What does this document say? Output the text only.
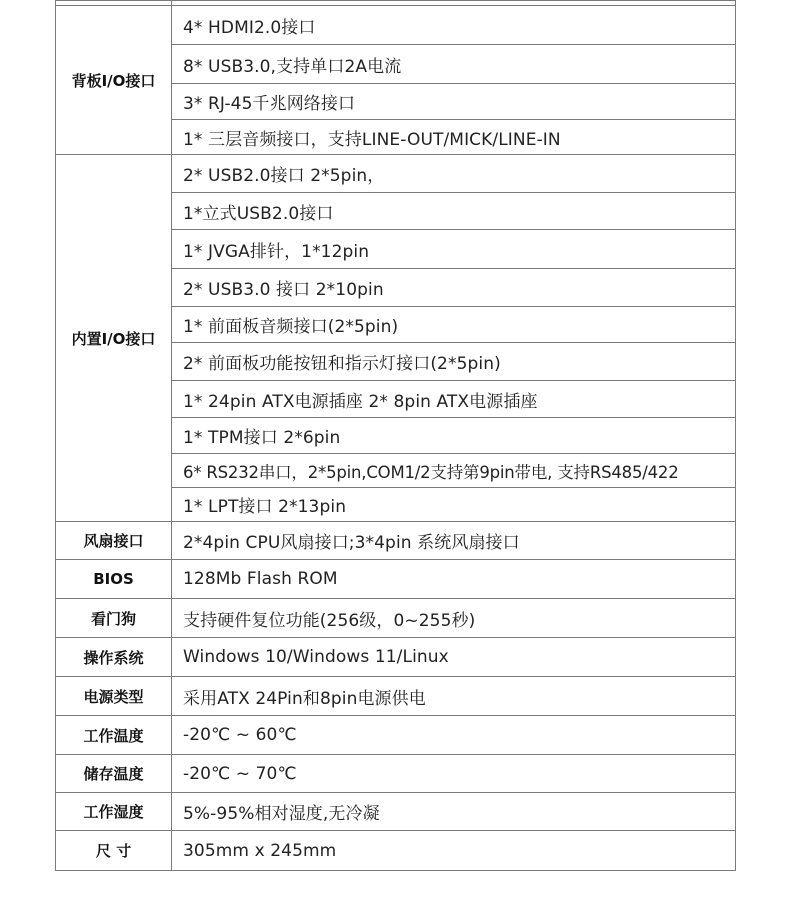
背板I/O接口	4* HDMI2.0接口
	8* USB3.0,支持单口2A电流
	3* RJ-45千兆网络接口
	1* 三层音频接口，支持LINE-OUT/MICK/LINE-IN
内置I/O接口	2* USB2.0接口 2*5pin，
	1*立式USB2.0接口
	1* JVGA排针，1*12pin
	2* USB3.0 接口 2*10pin
	1* 前面板音频接口(2*5pin)
	2* 前面板功能按钮和指示灯接口(2*5pin)
	1* 24pin ATX电源插座 2* 8pin ATX电源插座
	1* TPM接口 2*6pin
	6* RS232串口，2*5pin,COM1/2支持第9pin带电, 支持RS485/422
	1* LPT接口 2*13pin
风扇接口	2*4pin CPU风扇接口;3*4pin 系统风扇接口
BIOS	128Mb Flash ROM
看门狗	支持硬件复位功能(256级，0~255秒)
操作系统	Windows 10/Windows 11/Linux
电源类型	采用ATX 24Pin和8pin电源供电
工作温度	-20℃ ~ 60℃
储存温度	-20℃ ~ 70℃
工作湿度	5%-95%相对湿度,无冷凝
尺 寸	305mm x 245mm
